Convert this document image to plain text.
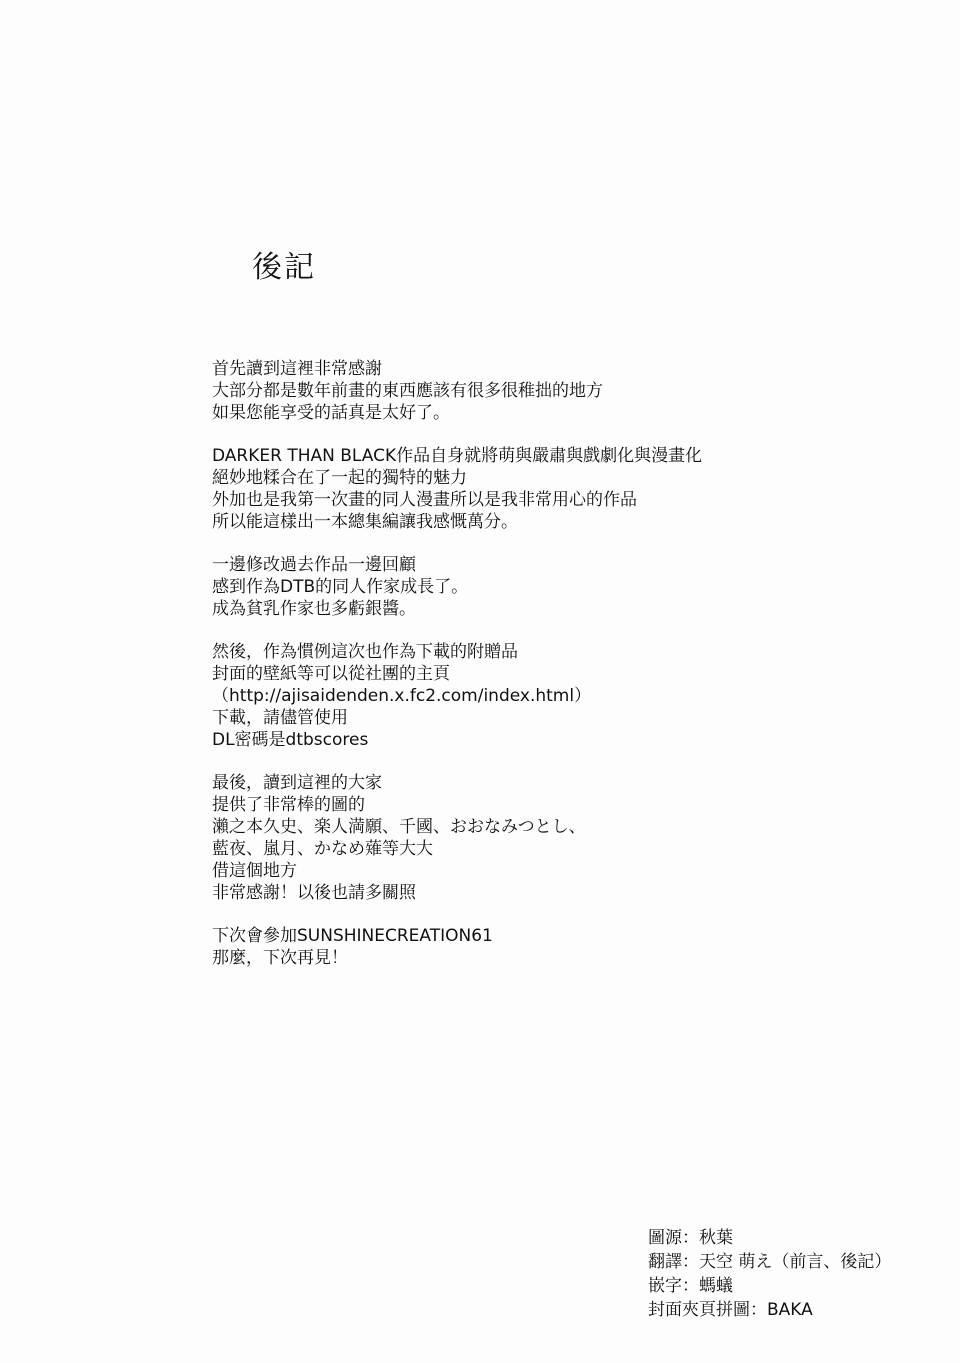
後記
首先讀到這裡非常感謝
大部分都是數年前畫的東西應該有很多很稚拙的地方
如果您能享受的話真是太好了。
DARKER THAN BLACK作品自身就將萌與嚴肅與戲劇化與漫畫化
絕妙地糅合在了一起的獨特的魅力
外加也是我第一次畫的同人漫畫所以是我非常用心的作品
所以能這樣出一本總集編讓我感慨萬分。
一邊修改過去作品一邊回顧
感到作為DTB的同人作家成長了。
成為貧乳作家也多虧銀醬。
然後，作為慣例這次也作為下載的附贈品
封面的壁紙等可以從社團的主頁
（http://ajisaidenden.x.fc2.com/index.html）
下載，請儘管使用
DL密碼是dtbscores
最後，讀到這裡的大家
提供了非常棒的圖的
瀨之本久史、楽人満願、千國、おおなみつとし、
藍夜、嵐月、かなめ薙等大大
借這個地方
非常感謝！以後也請多關照
下次會參加SUNSHINECREATION61
那麼，下次再見！
圖源：秋葉
翻譯：天空 萌え（前言、後記）
嵌字：螞蟻
封面夾頁拼圖：BAKA
